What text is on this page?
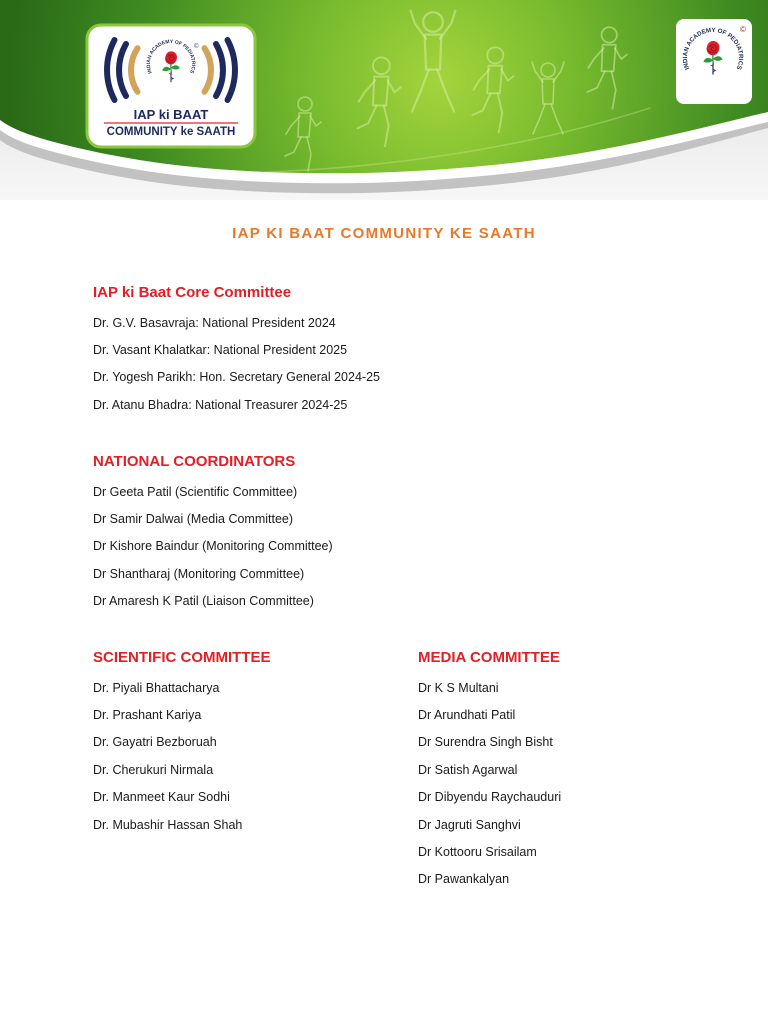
INDIAN ACADEMY OF PEDIATRICS
©
IAP ki BAAT
COMMUNITY ke SAATH
INDIAN ACADEMY OF PEDIATRICS
©
IAP KI BAAT COMMUNITY KE SAATH
IAP ki Baat Core Committee
Dr. G.V. Basavraja: National President 2024
Dr. Vasant Khalatkar: National President 2025
Dr. Yogesh Parikh: Hon. Secretary General 2024-25
Dr. Atanu Bhadra: National Treasurer 2024-25
NATIONAL COORDINATORS
Dr Geeta Patil (Scientific Committee)
Dr Samir Dalwai (Media Committee)
Dr Kishore Baindur (Monitoring Committee)
Dr Shantharaj (Monitoring Committee)
Dr Amaresh K Patil (Liaison Committee)
SCIENTIFIC COMMITTEE
Dr. Piyali Bhattacharya
Dr. Prashant Kariya
Dr. Gayatri Bezboruah
Dr. Cherukuri Nirmala
Dr. Manmeet Kaur Sodhi
Dr. Mubashir Hassan Shah
MEDIA COMMITTEE
Dr K S Multani
Dr Arundhati Patil
Dr Surendra Singh Bisht
Dr Satish Agarwal
Dr Dibyendu Raychauduri
Dr Jagruti Sanghvi
Dr Kottooru Srisailam
Dr Pawankalyan
